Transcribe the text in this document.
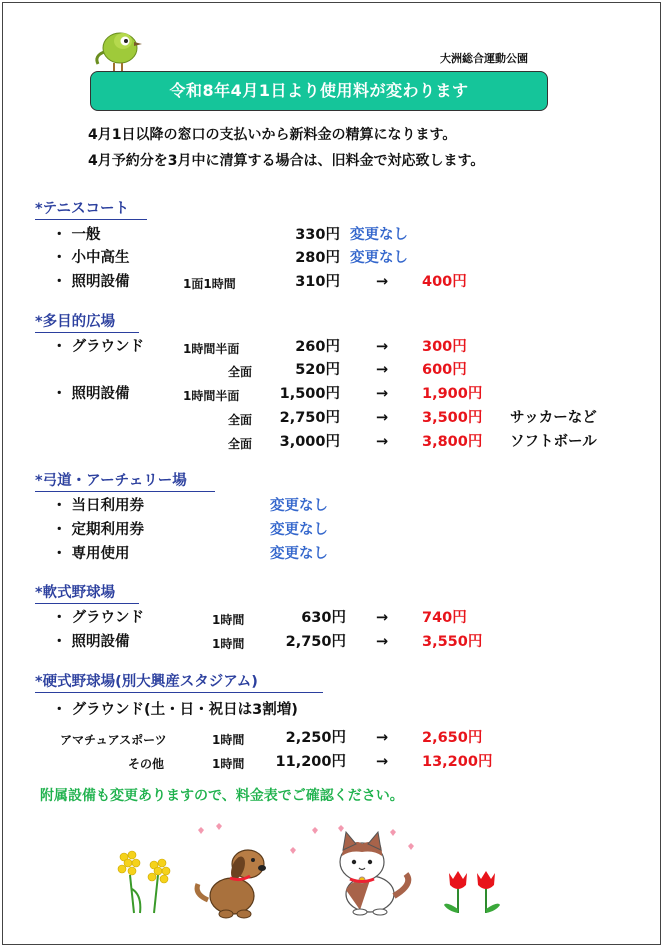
大洲総合運動公園
令和8年4月1日より使用料が変わります
4月1日以降の窓口の支払いから新料金の精算になります。
4月予約分を3月中に清算する場合は、旧料金で対応致します。
*テニスコート
・ 一般	330円 変更なし
・ 小中高生	280円 変更なし
・ 照明設備	1面1時間	310円 → 400円
*多目的広場
・ グラウンド	1時間半面	260円 → 300円
全面	520円 → 600円
・ 照明設備	1時間半面	1,500円 → 1,900円
全面	2,750円 → 3,500円 サッカーなど
全面	3,000円 → 3,800円 ソフトボール
*弓道・アーチェリー場
・ 当日利用券	変更なし
・ 定期利用券	変更なし
・ 専用使用	変更なし
*軟式野球場
・ グラウンド	1時間	630円 → 740円
・ 照明設備	1時間	2,750円 → 3,550円
*硬式野球場(別大興産スタジアム)
・ グラウンド(土・日・祝日は3割増)
アマチュアスポーツ	1時間	2,250円 → 2,650円
その他	1時間	11,200円 → 13,200円
附属設備も変更ありますので、料金表でご確認ください。
